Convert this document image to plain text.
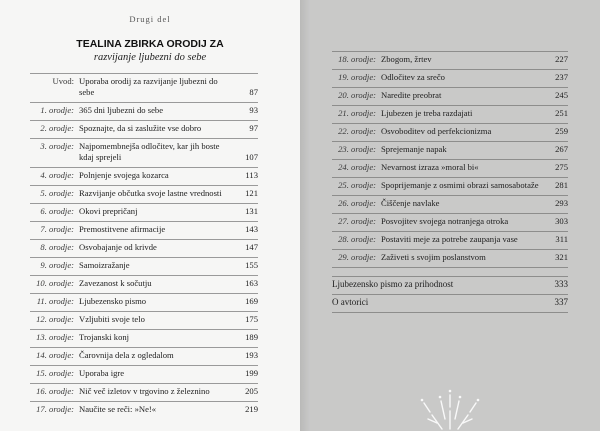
Drugi del
TEALINA ZBIRKA ORODIJ ZA
razvijanje ljubezni do sebe
Uvod: Uporaba orodij za razvijanje ljubezni do sebe	87
1. orodje: 365 dni ljubezni do sebe	93
2. orodje: Spoznajte, da si zaslužite vse dobro	97
3. orodje: Najpomembnejša odločitev, kar jih boste kdaj sprejeli	107
4. orodje: Polnjenje svojega kozarca	113
5. orodje: Razvijanje občutka svoje lastne vrednosti	121
6. orodje: Okovi prepričanj	131
7. orodje: Premostitvene afirmacije	143
8. orodje: Osvobajanje od krivde	147
9. orodje: Samoizražanje	155
10. orodje: Zavezanost k sočutju	163
11. orodje: Ljubezensko pismo	169
12. orodje: Vzljubiti svoje telo	175
13. orodje: Trojanski konj	189
14. orodje: Čarovnija dela z ogledalom	193
15. orodje: Uporaba igre	199
16. orodje: Nič več izletov v trgovino z železnino	205
17. orodje: Naučite se reči: »Ne!«	219
18. orodje: Zbogom, žrtev	227
19. orodje: Odločitev za srečo	237
20. orodje: Naredite preobrat	245
21. orodje: Ljubezen je treba razdajati	251
22. orodje: Osvoboditev od perfekcionizma	259
23. orodje: Sprejemanje napak	267
24. orodje: Nevarnost izraza »moral bi«	275
25. orodje: Spoprijemanje z osmimi obrazi samosabotaže	281
26. orodje: Čiščenje navlake	293
27. orodje: Posvojitev svojega notranjega otroka	303
28. orodje: Postaviti meje za potrebe zaupanja vase	311
29. orodje: Zaživeti s svojim poslanstvom	321
Ljubezensko pismo za prihodnost	333
O avtorici	337
